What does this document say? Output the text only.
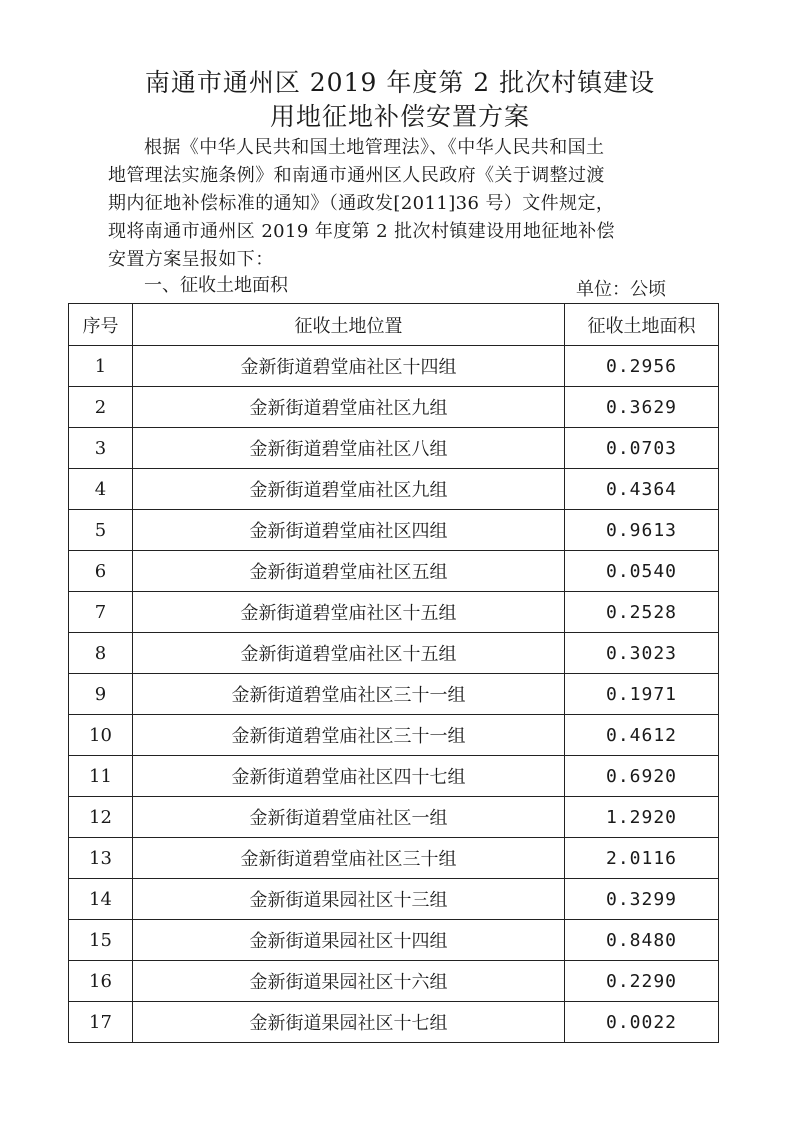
南通市通州区 2019 年度第 2 批次村镇建设
用地征地补偿安置方案

根据《中华人民共和国土地管理法》、《中华人民共和国土

地管理法实施条例》和南通市通州区人民政府《关于调整过渡

期内征地补偿标准的通知》（通政发[2011]36 号）文件规定，

现将南通市通州区 2019 年度第 2 批次村镇建设用地征地补偿

安置方案呈报如下：

一、征收土地面积	单位：公顷
序号	征收土地位置	征收土地面积
1	金新街道碧堂庙社区十四组	0.2956
2	金新街道碧堂庙社区九组	0.3629
3	金新街道碧堂庙社区八组	0.0703
4	金新街道碧堂庙社区九组	0.4364
5	金新街道碧堂庙社区四组	0.9613
6	金新街道碧堂庙社区五组	0.0540
7	金新街道碧堂庙社区十五组	0.2528
8	金新街道碧堂庙社区十五组	0.3023
9	金新街道碧堂庙社区三十一组	0.1971
10	金新街道碧堂庙社区三十一组	0.4612
11	金新街道碧堂庙社区四十七组	0.6920
12	金新街道碧堂庙社区一组	1.2920
13	金新街道碧堂庙社区三十组	2.0116
14	金新街道果园社区十三组	0.3299
15	金新街道果园社区十四组	0.8480
16	金新街道果园社区十六组	0.2290
17	金新街道果园社区十七组	0.0022
